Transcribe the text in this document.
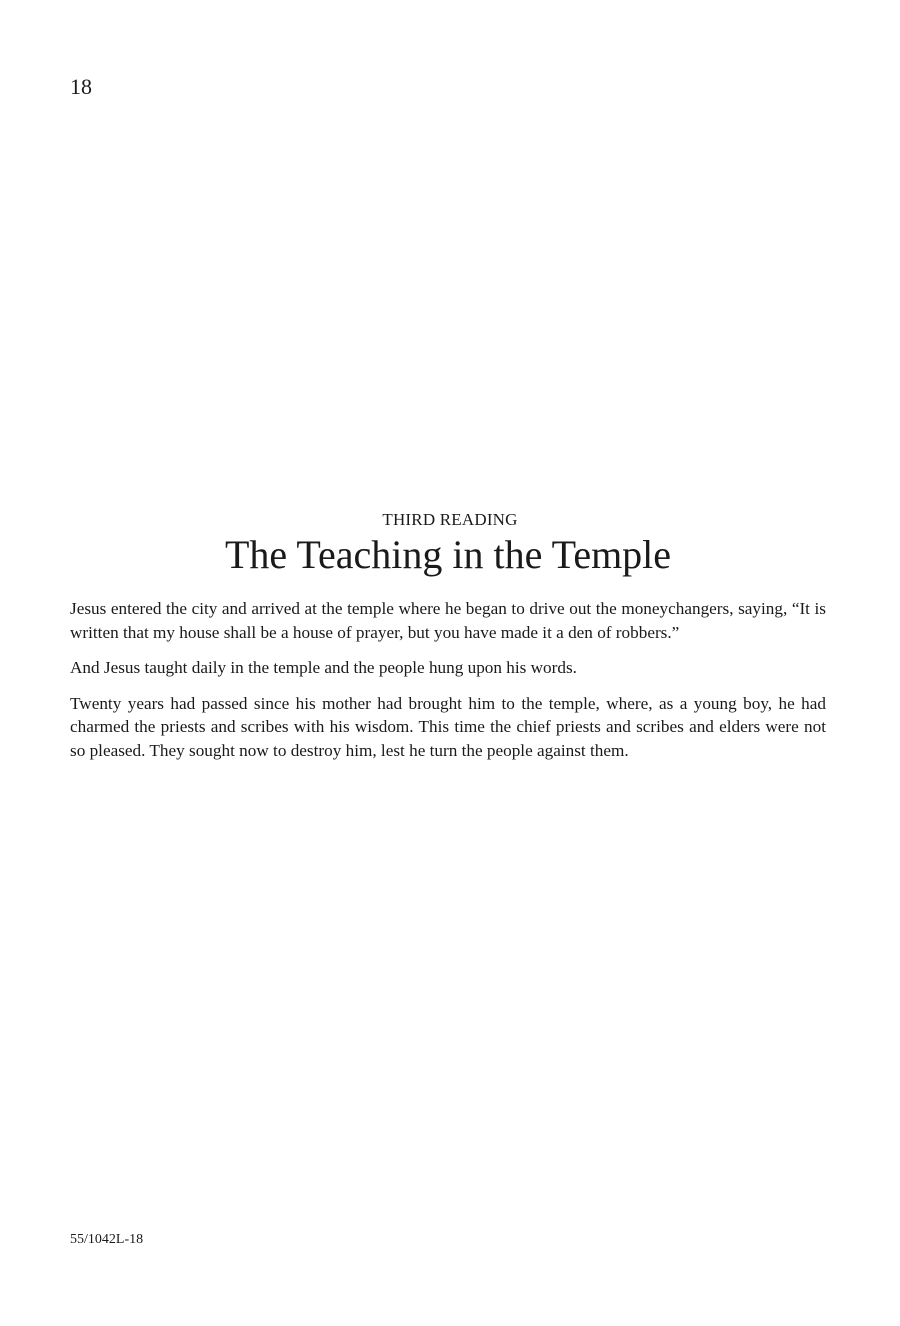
18
THIRD READING
The Teaching in the Temple

Jesus entered the city and arrived at the temple where he began to drive out the moneychangers, saying, “It is written that my house shall be a house of prayer, but you have made it a den of robbers.”

And Jesus taught daily in the temple and the people hung upon his words.

Twenty years had passed since his mother had brought him to the temple, where, as a young boy, he had charmed the priests and scribes with his wisdom. This time the chief priests and scribes and elders were not so pleased. They sought now to destroy him, lest he turn the people against them.

55/1042L-18
